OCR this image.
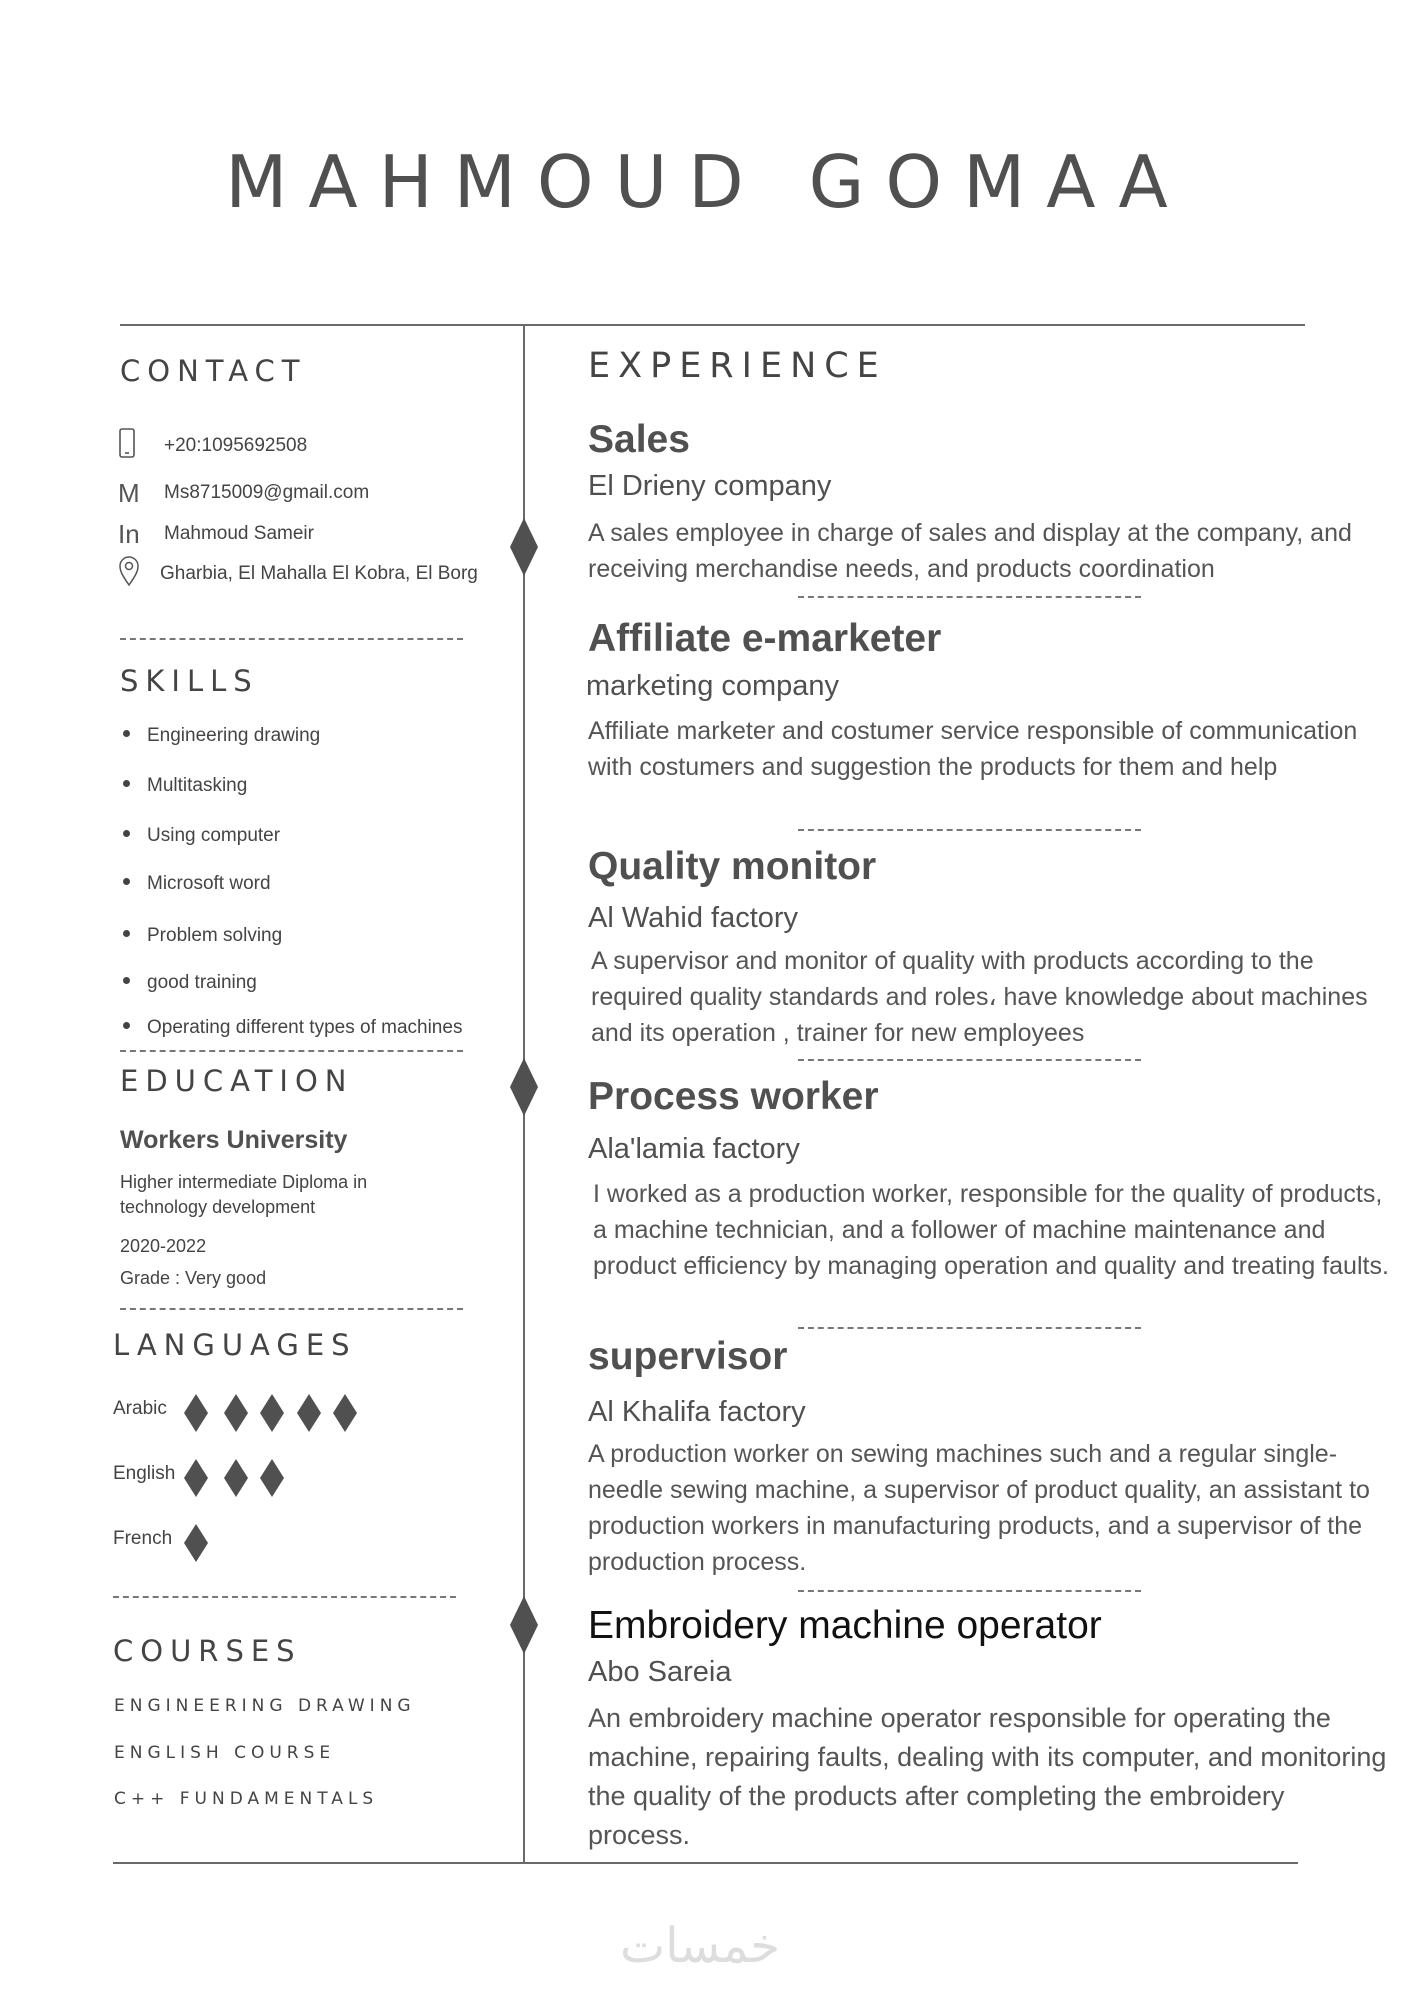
MAHMOUD GOMAA
CONTACT
+20:1095692508
M	Ms8715009@gmail.com
In	Mahmoud Sameir
Gharbia, El Mahalla El Kobra, El Borg
SKILLS
Engineering drawing
Multitasking
Using computer
Microsoft word
Problem solving
good training
Operating different types of machines
EDUCATION
Workers University
Higher intermediate Diploma in
technology development
2020-2022
Grade : Very good
LANGUAGES
Arabic
English
French
COURSES
ENGINEERING DRAWING
ENGLISH COURSE
C++ FUNDAMENTALS
EXPERIENCE
Sales
El Drieny company
A sales employee in charge of sales and display at the company, and receiving merchandise needs, and products coordination
Affiliate e-marketer
marketing company
Affiliate marketer and costumer service responsible of communication with costumers and suggestion the products for them and help
Quality monitor
Al Wahid factory
A supervisor and monitor of quality with products according to the required quality standards and roles، have knowledge about machines and its operation , trainer for new employees
Process worker
Ala'lamia factory
I worked as a production worker, responsible for the quality of products, a machine technician, and a follower of machine maintenance and product efficiency by managing operation and quality and treating faults.
supervisor
Al Khalifa factory
A production worker on sewing machines such and a regular single-needle sewing machine, a supervisor of product quality, an assistant to production workers in manufacturing products, and a supervisor of the production process.
Embroidery machine operator
Abo Sareia
An embroidery machine operator responsible for operating the machine, repairing faults, dealing with its computer, and monitoring the quality of the products after completing the embroidery process.
خمسات
